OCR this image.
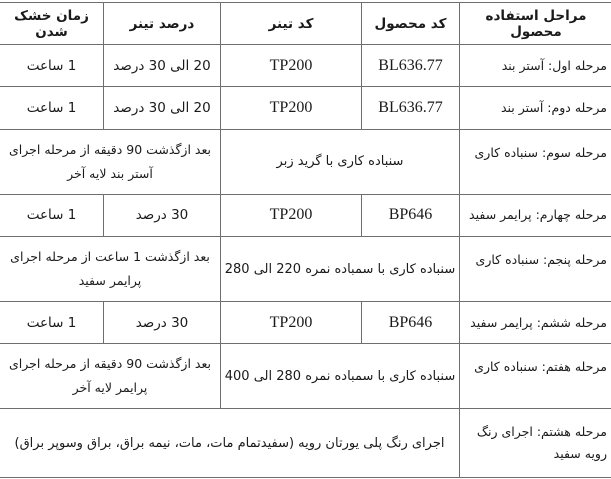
مراحل استفاده محصول	کد محصول	کد تینر	درصد تینر	زمان خشک شدن
مرحله اول: آستر بند	BL636.77	TP200	20 الی 30 درصد	1 ساعت
مرحله دوم: آستر بند	BL636.77	TP200	20 الی 30 درصد	1 ساعت
مرحله سوم: سنباده کاری	سنباده کاری با گرید زبر		بعد ازگذشت 90 دقیقه از مرحله اجرای آستر بند لایه آخر	
مرحله چهارم: پرایمر سفید	BP646	TP200	30 درصد	1 ساعت
مرحله پنجم: سنباده کاری	سنباده کاری با سمباده نمره 220 الی 280		بعد ازگذشت 1 ساعت از مرحله اجرای پرایمر سفید	
مرحله ششم: پرایمر سفید	BP646	TP200	30 درصد	1 ساعت
مرحله هفتم: سنباده کاری	سنباده کاری با سمباده نمره 280 الی 400		بعد ازگذشت 90 دقیقه از مرحله اجرای پرایمر لایه آخر	
مرحله هشتم: اجرای رنگ رویه سفید	اجرای رنگ پلی یورتان رویه (سفیدتمام مات، مات، نیمه براق، براق وسوپر براق)			
